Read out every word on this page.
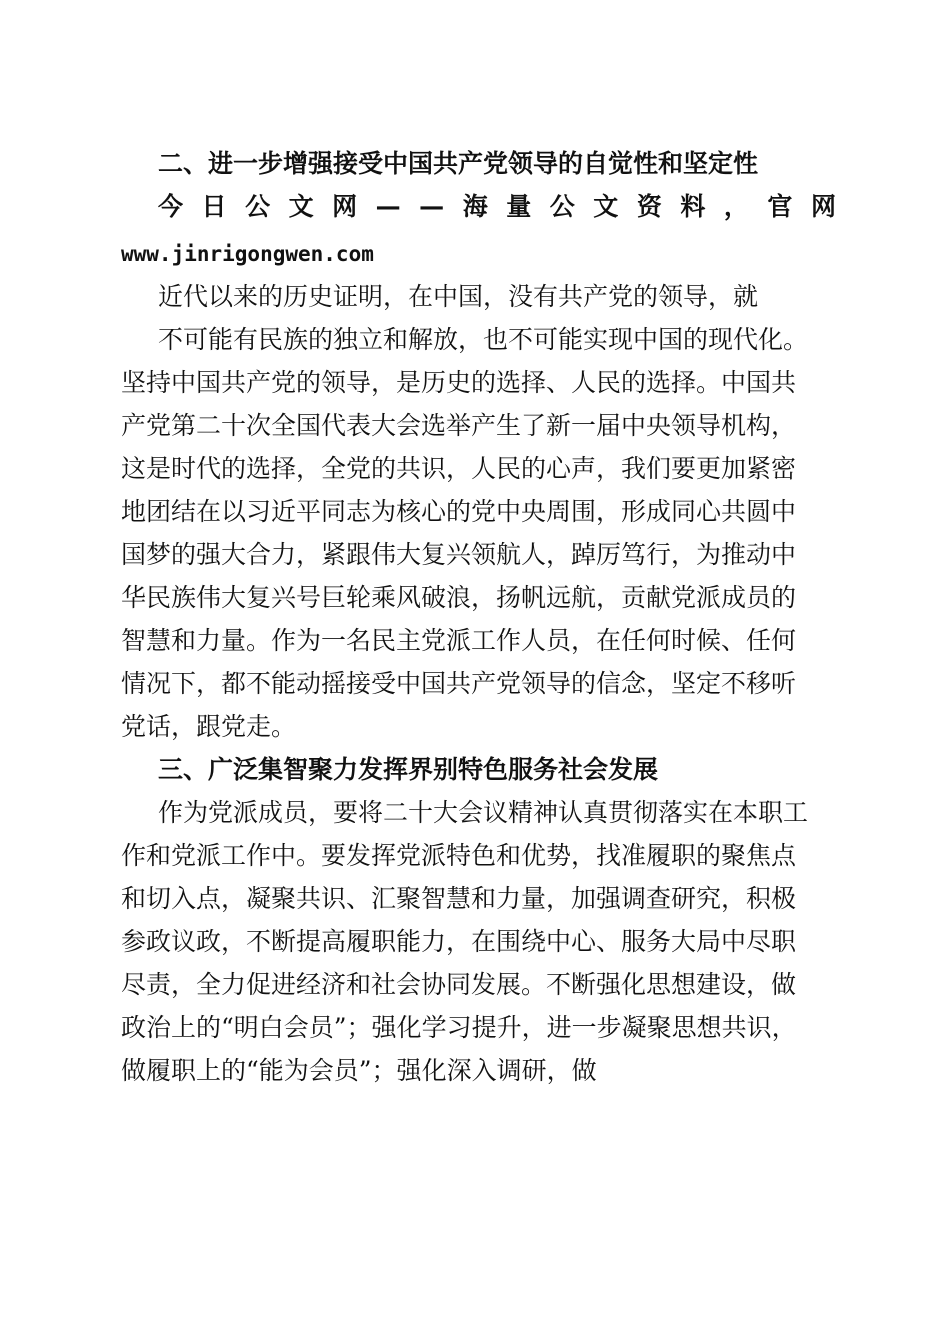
二、进一步增强接受中国共产党领导的自觉性和坚定性
今 日 公 文 网 — — 海 量 公 文 资 料 ， 官 网
www.jinrigongwen.com
近代以来的历史证明，在中国，没有共产党的领导，就
不可能有民族的独立和解放，也不可能实现中国的现代化。
坚持中国共产党的领导，是历史的选择、人民的选择。中国共
产党第二十次全国代表大会选举产生了新一届中央领导机构，
这是时代的选择，全党的共识，人民的心声，我们要更加紧密
地团结在以习近平同志为核心的党中央周围，形成同心共圆中
国梦的强大合力，紧跟伟大复兴领航人，踔厉笃行，为推动中
华民族伟大复兴号巨轮乘风破浪，扬帆远航，贡献党派成员的
智慧和力量。作为一名民主党派工作人员，在任何时候、任何
情况下，都不能动摇接受中国共产党领导的信念，坚定不移听
党话，跟党走。
三、广泛集智聚力发挥界别特色服务社会发展
作为党派成员，要将二十大会议精神认真贯彻落实在本职工
作和党派工作中。要发挥党派特色和优势，找准履职的聚焦点
和切入点，凝聚共识、汇聚智慧和力量，加强调查研究，积极
参政议政，不断提高履职能力，在围绕中心、服务大局中尽职
尽责，全力促进经济和社会协同发展。不断强化思想建设，做
政治上的“明白会员”；强化学习提升，进一步凝聚思想共识，
做履职上的“能为会员”；强化深入调研，做
